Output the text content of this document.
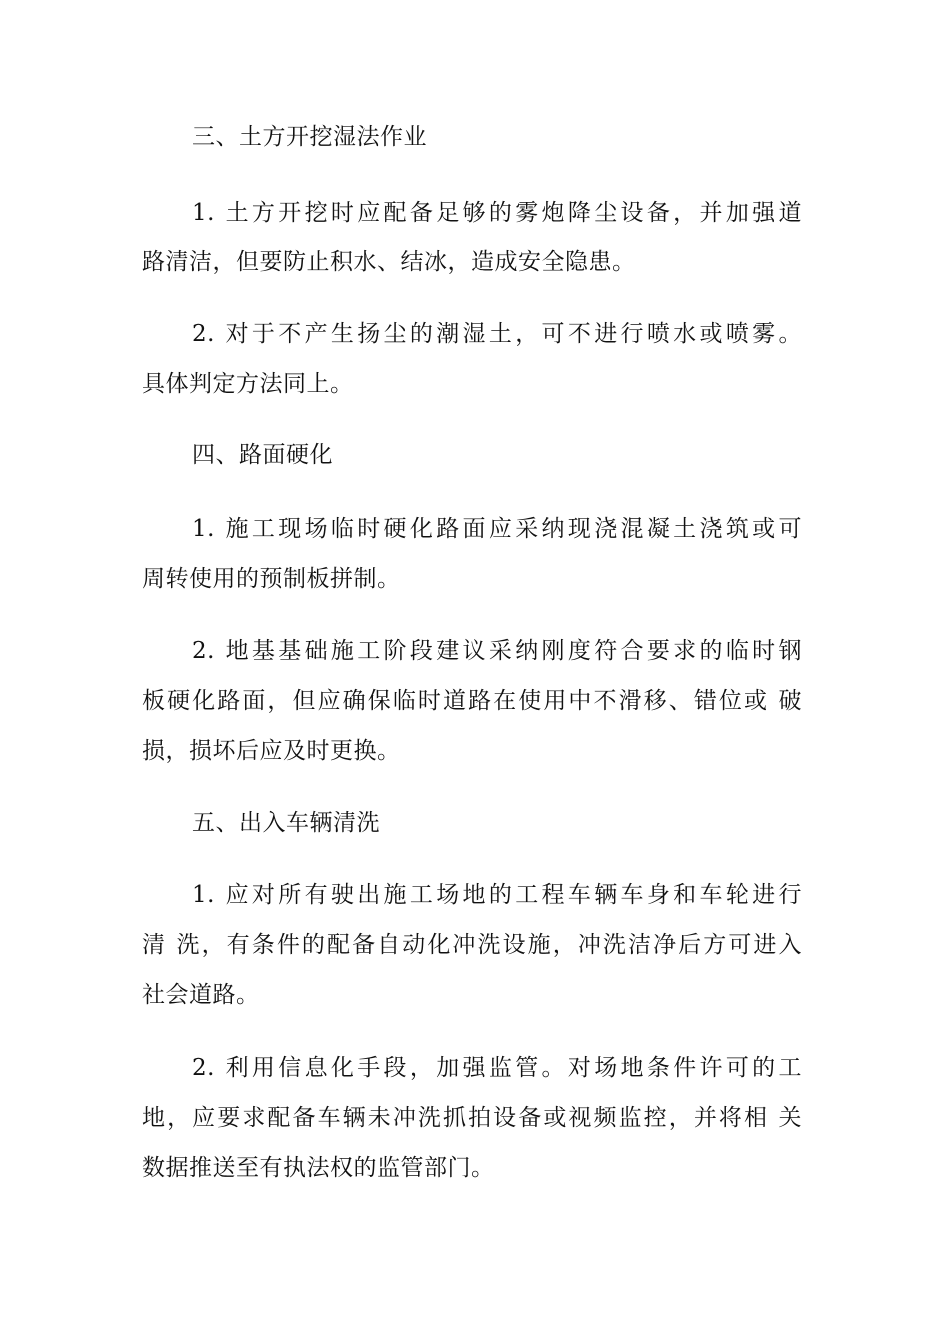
三、土方开挖湿法作业
1. 土方开挖时应配备足够的雾炮降尘设备，并加强道
路清洁，但要防止积水、结冰，造成安全隐患。
2. 对于不产生扬尘的潮湿土，可不进行喷水或喷雾。
具体判定方法同上。
四、路面硬化
1. 施工现场临时硬化路面应采纳现浇混凝土浇筑或可
周转使用的预制板拼制。
2. 地基基础施工阶段建议采纳刚度符合要求的临时钢
板硬化路面，但应确保临时道路在使用中不滑移、错位或 破
损，损坏后应及时更换。
五、出入车辆清洗
1. 应对所有驶出施工场地的工程车辆车身和车轮进行
清 洗，有条件的配备自动化冲洗设施，冲洗洁净后方可进入
社会道路。
2. 利用信息化手段，加强监管。对场地条件许可的工
地，应要求配备车辆未冲洗抓拍设备或视频监控，并将相 关
数据推送至有执法权的监管部门。
